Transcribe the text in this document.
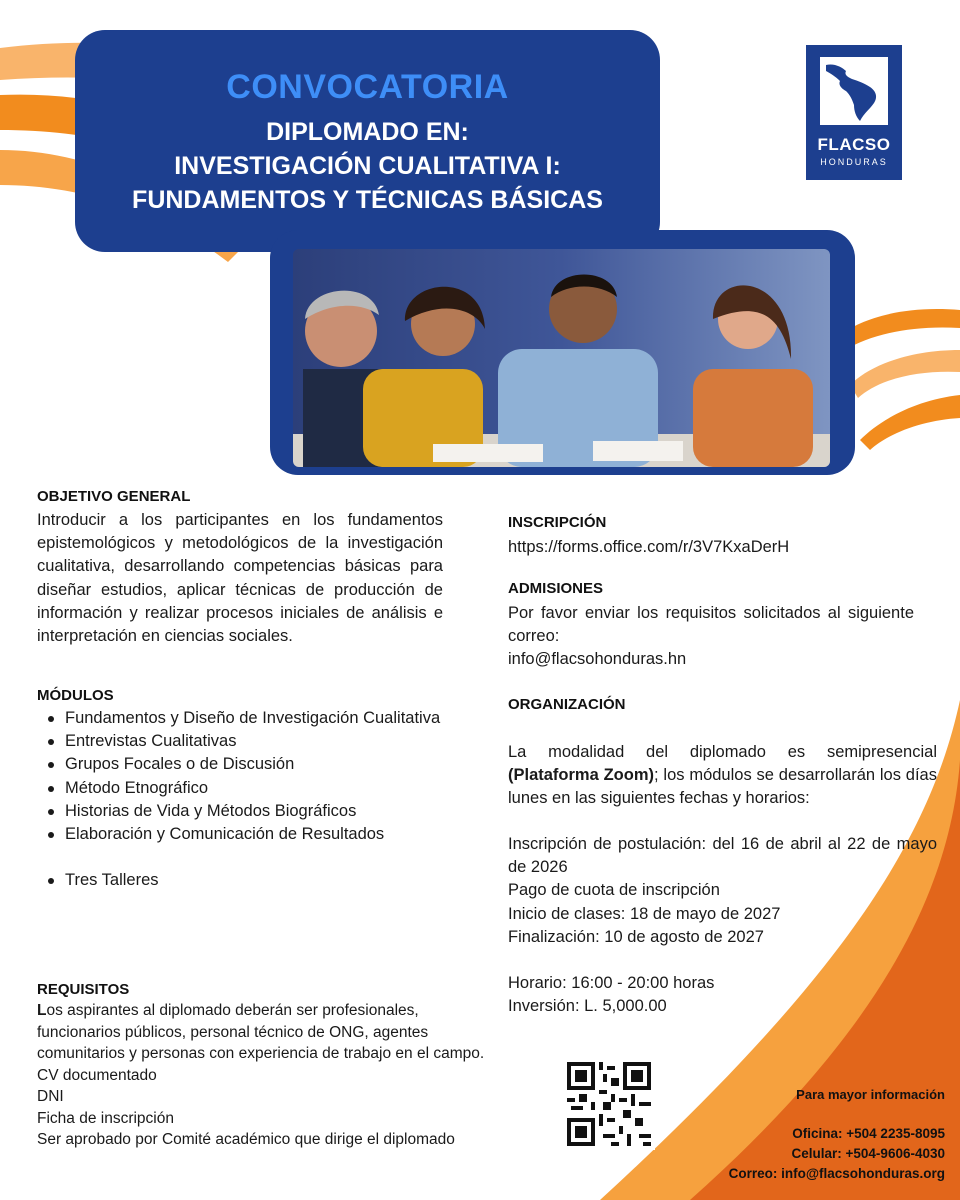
CONVOCATORIA
DIPLOMADO EN:
INVESTIGACIÓN CUALITATIVA I:
FUNDAMENTOS Y TÉCNICAS BÁSICAS
FLACSO
HONDURAS
OBJETIVO GENERAL
Introducir a los participantes en los fundamentos epistemológicos y metodológicos de la investigación cualitativa, desarrollando competencias básicas para diseñar estudios, aplicar técnicas de producción de información y realizar procesos iniciales de análisis e interpretación en ciencias sociales.
MÓDULOS
Fundamentos y Diseño de Investigación Cualitativa
Entrevistas Cualitativas
Grupos Focales o de Discusión
Método Etnográfico
Historias de Vida y Métodos Biográficos
Elaboración y Comunicación de Resultados
Tres Talleres
REQUISITOS
Los aspirantes al diplomado deberán ser profesionales, funcionarios públicos, personal técnico de ONG, agentes comunitarios y personas con experiencia de trabajo en el campo.
CV documentado
DNI
Ficha de inscripción
Ser aprobado por Comité académico que dirige el diplomado
INSCRIPCIÓN
https://forms.office.com/r/3V7KxaDerH
ADMISIONES
Por favor enviar los requisitos solicitados al siguiente correo:
info@flacsohonduras.hn
ORGANIZACIÓN
La modalidad del diplomado es semipresencial (Plataforma Zoom); los módulos se desarrollarán los días lunes en las siguientes fechas y horarios:
Inscripción de postulación: del 16 de abril al 22 de mayo de 2026
Pago de cuota de inscripción
Inicio de clases: 18 de mayo de 2027
Finalización: 10 de agosto de 2027
Horario: 16:00 - 20:00 horas
Inversión: L. 5,000.00
Para mayor información
Oficina: +504 2235-8095
Celular: +504-9606-4030
Correo: info@flacsohonduras.org
